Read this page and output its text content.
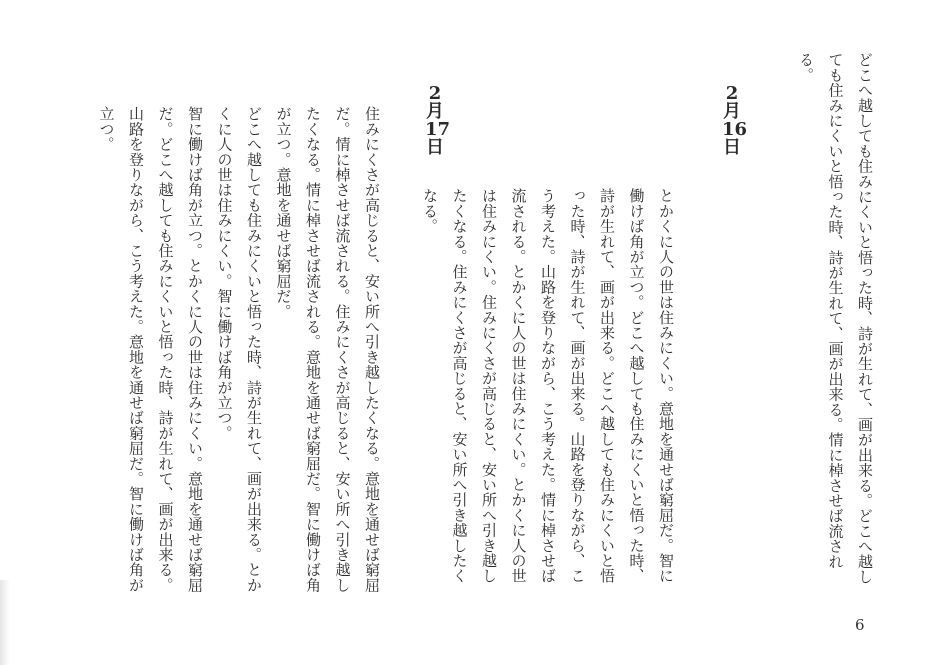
どこへ越しても住みにくいと悟った時、詩が生れて、画が出来る。どこへ越しても住みにくいと悟った時、詩が生れて、画が出来る。情に棹させば流される。

2
月
16
日

とかくに人の世は住みにくい。意地を通せば窮屈だ。智に働けば角が立つ。どこへ越しても住みにくいと悟った時、詩が生れて、画が出来る。どこへ越しても住みにくいと悟った時、詩が生れて、画が出来る。山路を登りながら、こう考えた。山路を登りながら、こう考えた。情に棹させば流される。とかくに人の世は住みにくい。とかくに人の世は住みにくい。住みにくさが高じると、安い所へ引き越したくなる。住みにくさが高じると、安い所へ引き越したくなる。

2
月
17
日

住みにくさが高じると、安い所へ引き越したくなる。意地を通せば窮屈だ。情に棹させば流される。住みにくさが高じると、安い所へ引き越したくなる。情に棹させば流される。意地を通せば窮屈だ。智に働けば角が立つ。意地を通せば窮屈だ。

どこへ越しても住みにくいと悟った時、詩が生れて、画が出来る。とかくに人の世は住みにくい。智に働けば角が立つ。

智に働けば角が立つ。とかくに人の世は住みにくい。意地を通せば窮屈だ。どこへ越しても住みにくいと悟った時、詩が生れて、画が出来る。山路を登りながら、こう考えた。意地を通せば窮屈だ。智に働けば角が立つ。

6
